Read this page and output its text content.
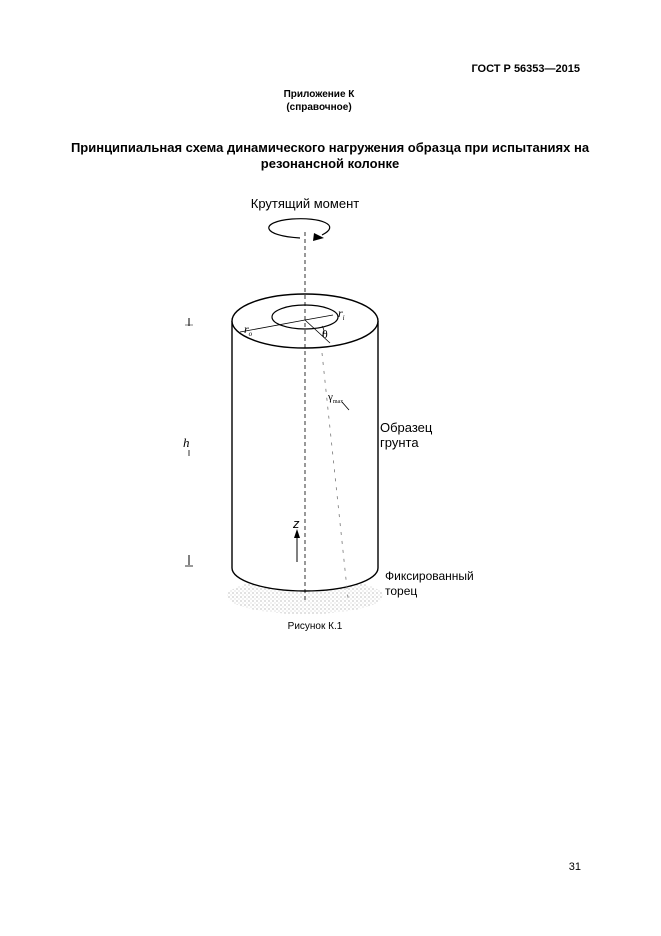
ГОСТ Р 56353—2015
Приложение К
(справочное)
Принципиальная схема динамического нагружения образца при испытаниях на резонансной колонке
Крутящий момент
$r_o$
$r_i$
θ
$\gamma_{max}$
h
z
Образец
грунта
Фиксированный
торец
Рисунок К.1
31
